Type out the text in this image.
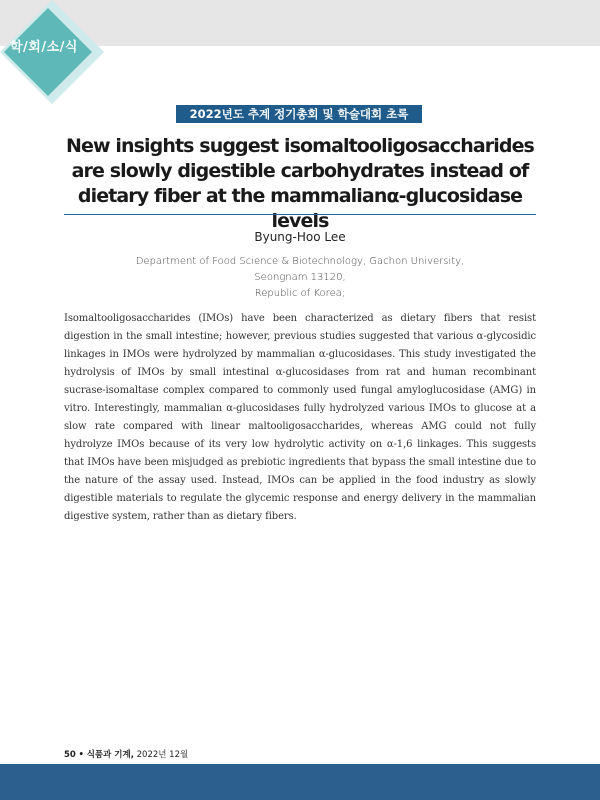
학/회/소/식
2022년도 추계 정기총회 및 학술대회 초록
New insights suggest isomaltooligosaccharides are slowly digestible carbohydrates instead of dietary fiber at the mammalianα-glucosidase levels
Byung-Hoo Lee
Department of Food Science & Biotechnology, Gachon University, Seongnam 13120,
Republic of Korea;
Isomaltooligosaccharides (IMOs) have been characterized as dietary fibers that resist digestion in the small intestine; however, previous studies suggested that various α-glycosidic linkages in IMOs were hydrolyzed by mammalian α-glucosidases. This study investigated the hydrolysis of IMOs by small intestinal α-glucosidases from rat and human recombinant sucrase-isomaltase complex compared to commonly used fungal amyloglucosidase (AMG) in vitro. Interestingly, mammalian α-glucosidases fully hydrolyzed various IMOs to glucose at a slow rate compared with linear maltooligosaccharides, whereas AMG could not fully hydrolyze IMOs because of its very low hydrolytic activity on α-1,6 linkages. This suggests that IMOs have been misjudged as prebiotic ingredients that bypass the small intestine due to the nature of the assay used. Instead, IMOs can be applied in the food industry as slowly digestible materials to regulate the glycemic response and energy delivery in the mammalian digestive system, rather than as dietary fibers.
50 • 식품과 기계, 2022년 12월
